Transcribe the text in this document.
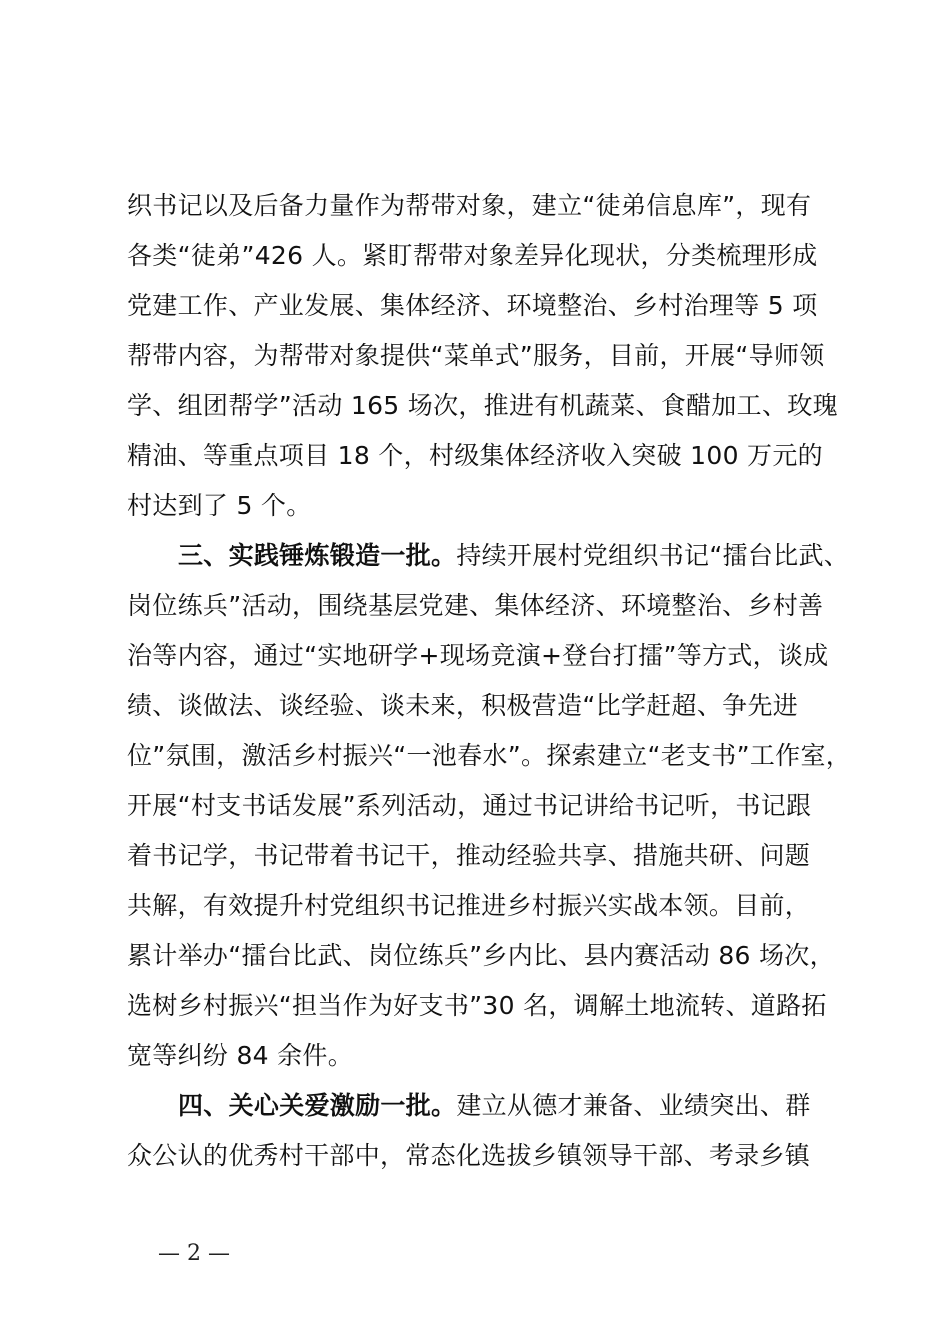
织书记以及后备力量作为帮带对象，建立“徒弟信息库”，现有
各类“徒弟”426 人。紧盯帮带对象差异化现状，分类梳理形成
党建工作、产业发展、集体经济、环境整治、乡村治理等 5 项
帮带内容，为帮带对象提供“菜单式”服务，目前，开展“导师领
学、组团帮学”活动 165 场次，推进有机蔬菜、食醋加工、玫瑰
精油、等重点项目 18 个，村级集体经济收入突破 100 万元的
村达到了 5 个。
三、实践锤炼锻造一批。持续开展村党组织书记“擂台比武、
岗位练兵”活动，围绕基层党建、集体经济、环境整治、乡村善
治等内容，通过“实地研学+现场竞演+登台打擂”等方式，谈成
绩、谈做法、谈经验、谈未来，积极营造“比学赶超、争先进
位”氛围，激活乡村振兴“一池春水”。探索建立“老支书”工作室，
开展“村支书话发展”系列活动，通过书记讲给书记听，书记跟
着书记学，书记带着书记干，推动经验共享、措施共研、问题
共解，有效提升村党组织书记推进乡村振兴实战本领。目前，
累计举办“擂台比武、岗位练兵”乡内比、县内赛活动 86 场次，
选树乡村振兴“担当作为好支书”30 名，调解土地流转、道路拓
宽等纠纷 84 余件。
四、关心关爱激励一批。建立从德才兼备、业绩突出、群
众公认的优秀村干部中，常态化选拔乡镇领导干部、考录乡镇
— 2 —
